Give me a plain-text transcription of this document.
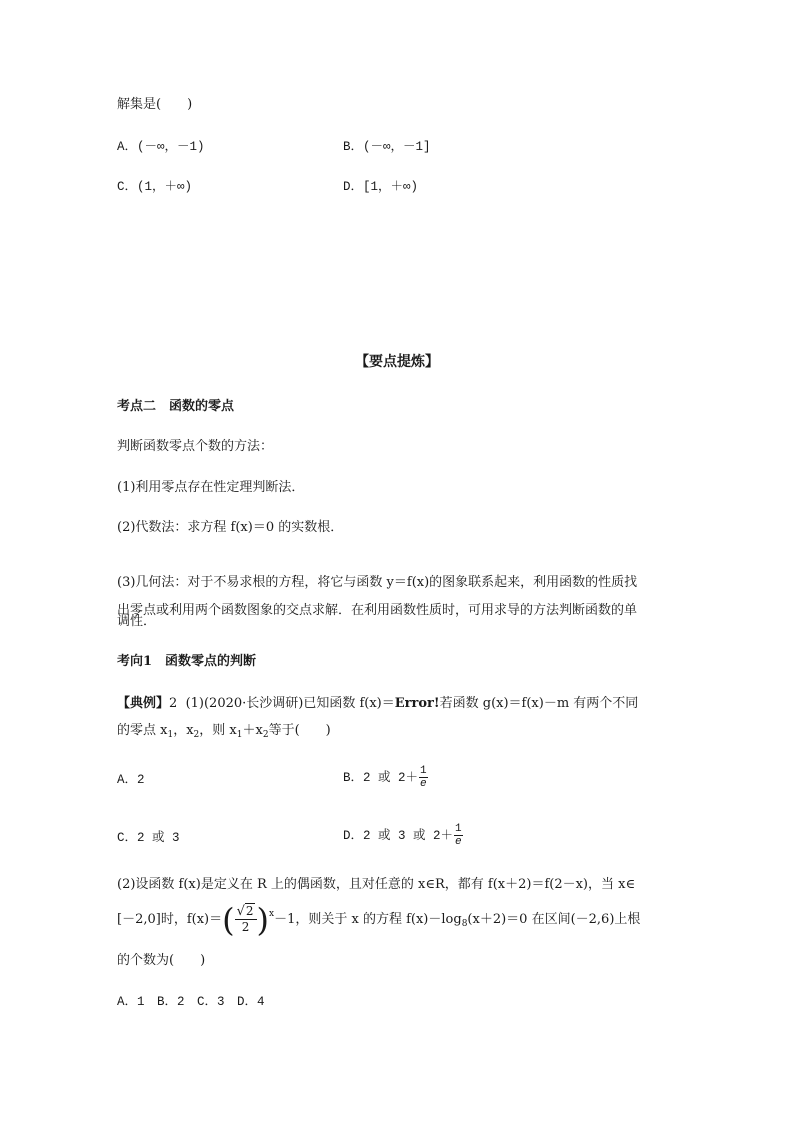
解集是(　　)
A．(－∞，－1)	B．(－∞，－1]
C．(1，＋∞)	D．[1，＋∞)
【要点提炼】
考点二　函数的零点
判断函数零点个数的方法：
(1)利用零点存在性定理判断法．
(2)代数法：求方程 f(x)＝0 的实数根．
(3)几何法：对于不易求根的方程，将它与函数 y＝f(x)的图象联系起来，利用函数的性质找
出零点或利用两个函数图象的交点求解．在利用函数性质时，可用求导的方法判断函数的单
调性．
考向1　函数零点的判断
【典例】2 (1)(2020·长沙调研)已知函数 f(x)＝Error!若函数 g(x)＝f(x)－m 有两个不同
的零点 $x_1$，$x_2$，则 $x_1+x_2$等于(　　)
A．2	B．2 或 $2+ \frac{1}{e}$
C．2 或 3	D．2 或 3 或 $2+ \frac{1}{e}$
(2)设函数 f(x)是定义在 R 上的偶函数，且对任意的 x∈R，都有 f(x＋2)＝f(2－x)，当 x∈
[－2,0]时，$f(x)=( \frac{√2}{2} )^x-1$，则关于 x 的方程 $f(x)-\log_8(x+2)=0$ 在区间(－2,6)上根
的个数为(　　)
A．1　B．2　C．3　D．4
